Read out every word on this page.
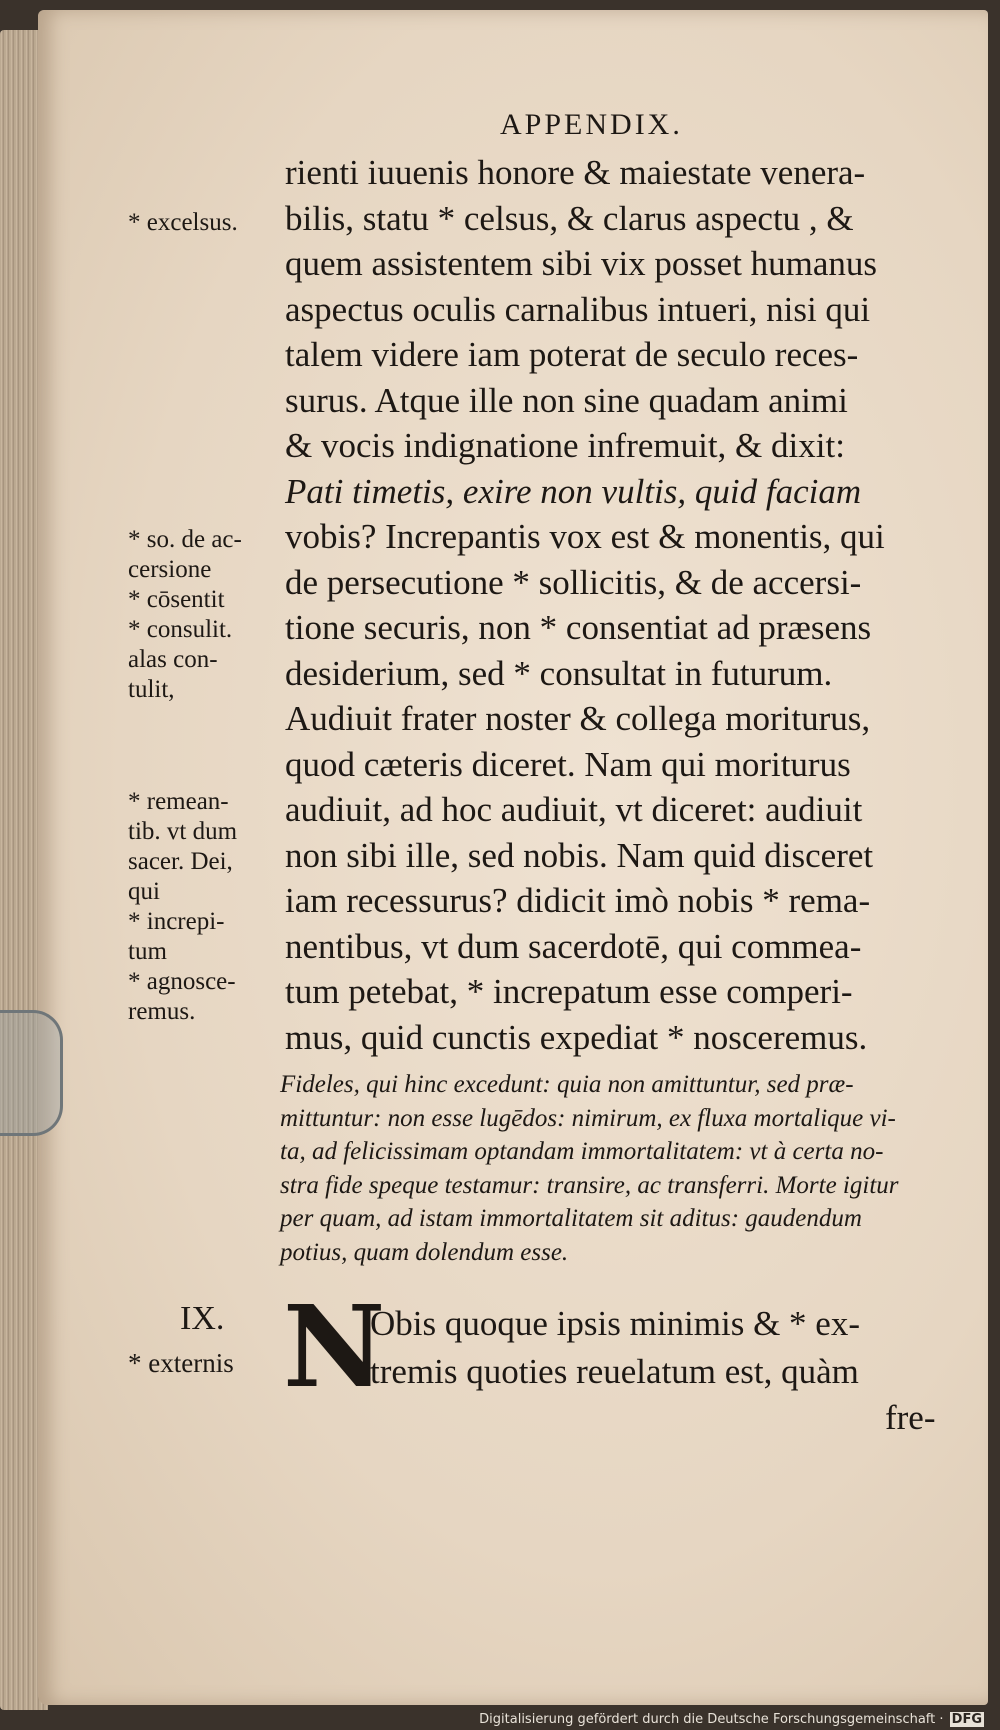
APPENDIX.
rienti iuuenis honore & maiestate venera-
bilis, statu * celsus, & clarus aspectu , &
quem assistentem sibi vix posset humanus
aspectus oculis carnalibus intueri, nisi qui
talem videre iam poterat de seculo reces-
surus. Atque ille non sine quadam animi
& vocis indignatione infremuit, & dixit:
Pati timetis, exire non vultis, quid faciam
vobis? Increpantis vox est & monentis, qui
de persecutione * sollicitis, & de accersi-
tione securis, non * consentiat ad præsens
desiderium, sed * consultat in futurum.
Audiuit frater noster & collega moriturus,
quod cæteris diceret. Nam qui moriturus
audiuit, ad hoc audiuit, vt diceret: audiuit
non sibi ille, sed nobis. Nam quid disceret
iam recessurus? didicit imò nobis * rema-
nentibus, vt dum sacerdotē, qui commea-
tum petebat, * increpatum esse comperi-
mus, quid cunctis expediat * nosceremus.
* excelsus.
* so. de ac-
cersione
* cōsentit
* consulit.
alas con-
tulit,
* remean-
tib. vt dum
sacer. Dei,
qui
* increpi-
tum
* agnosce-
remus.
Fideles, qui hinc excedunt: quia non amittuntur, sed præ-
mittuntur: non esse lugēdos: nimirum, ex fluxa mortalique vi-
ta, ad felicissimam optandam immortalitatem: vt à certa no-
stra fide speque testamur: transire, ac transferri. Morte igitur
per quam, ad istam immortalitatem sit aditus: gaudendum
potius, quam dolendum esse.
IX.
* externis N
Obis quoque ipsis minimis & * ex-
tremis quoties reuelatum est, quàm
fre-
Digitalisierung gefördert durch die Deutsche Forschungsgemeinschaft · DFG
